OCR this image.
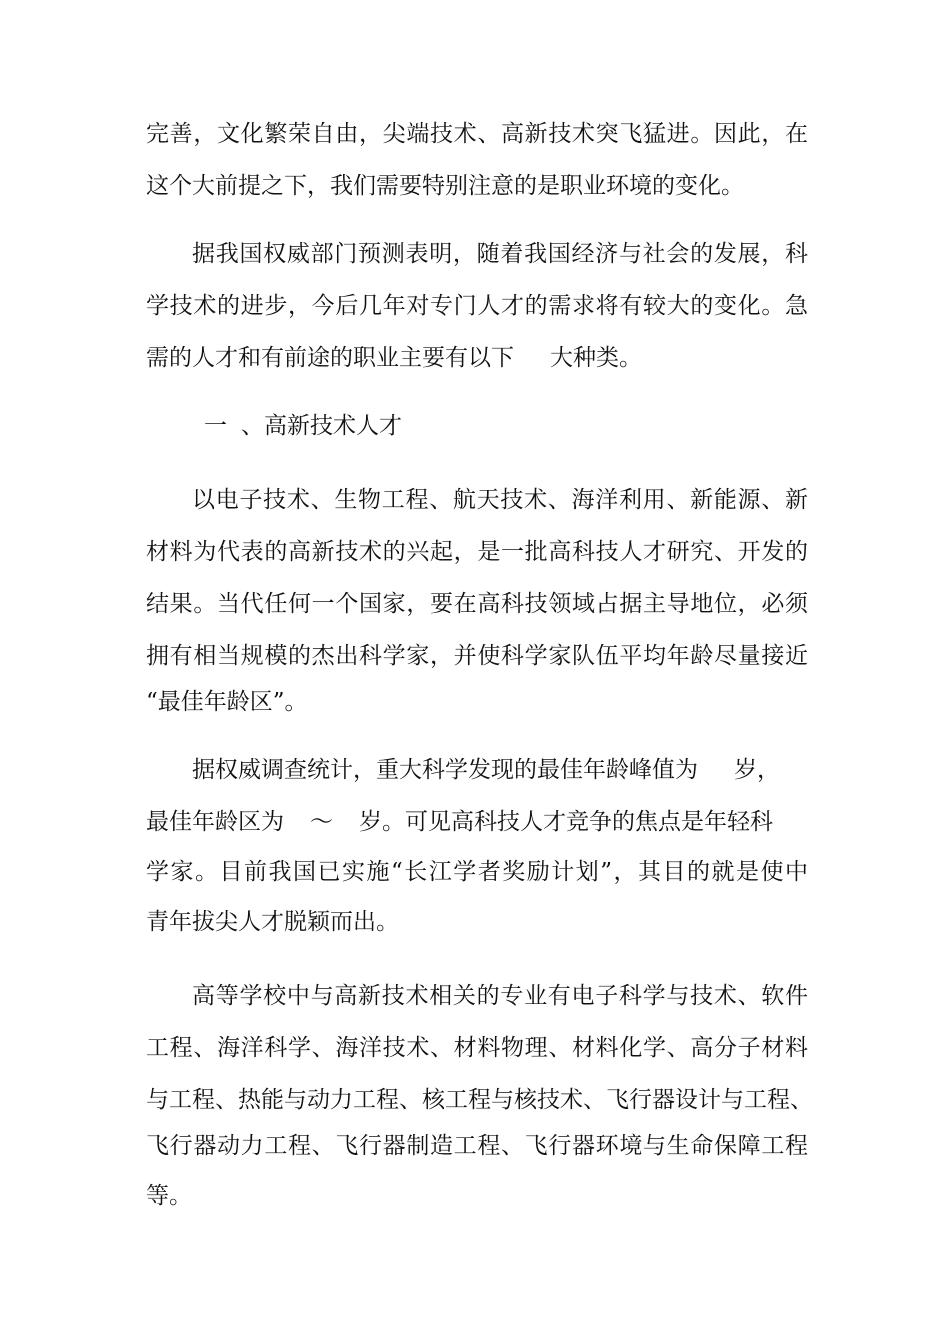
完善，文化繁荣自由，尖端技术、高新技术突飞猛进。因此，在
这个大前提之下，我们需要特别注意的是职业环境的变化。
据我国权威部门预测表明，随着我国经济与社会的发展，科
学技术的进步，今后几年对专门人才的需求将有较大的变化。急
需的人才和有前途的职业主要有以下 大种类。
一 、高新技术人才
以电子技术、生物工程、航天技术、海洋利用、新能源、新
材料为代表的高新技术的兴起，是一批高科技人才研究、开发的
结果。当代任何一个国家，要在高科技领域占据主导地位，必须
拥有相当规模的杰出科学家，并使科学家队伍平均年龄尽量接近
“最佳年龄区”。
据权威调查统计，重大科学发现的最佳年龄峰值为 岁，
最佳年龄区为 ～ 岁。可见高科技人才竞争的焦点是年轻科
学家。目前我国已实施“长江学者奖励计划”，其目的就是使中
青年拔尖人才脱颖而出。
高等学校中与高新技术相关的专业有电子科学与技术、软件
工程、海洋科学、海洋技术、材料物理、材料化学、高分子材料
与工程、热能与动力工程、核工程与核技术、飞行器设计与工程、
飞行器动力工程、飞行器制造工程、飞行器环境与生命保障工程
等。
